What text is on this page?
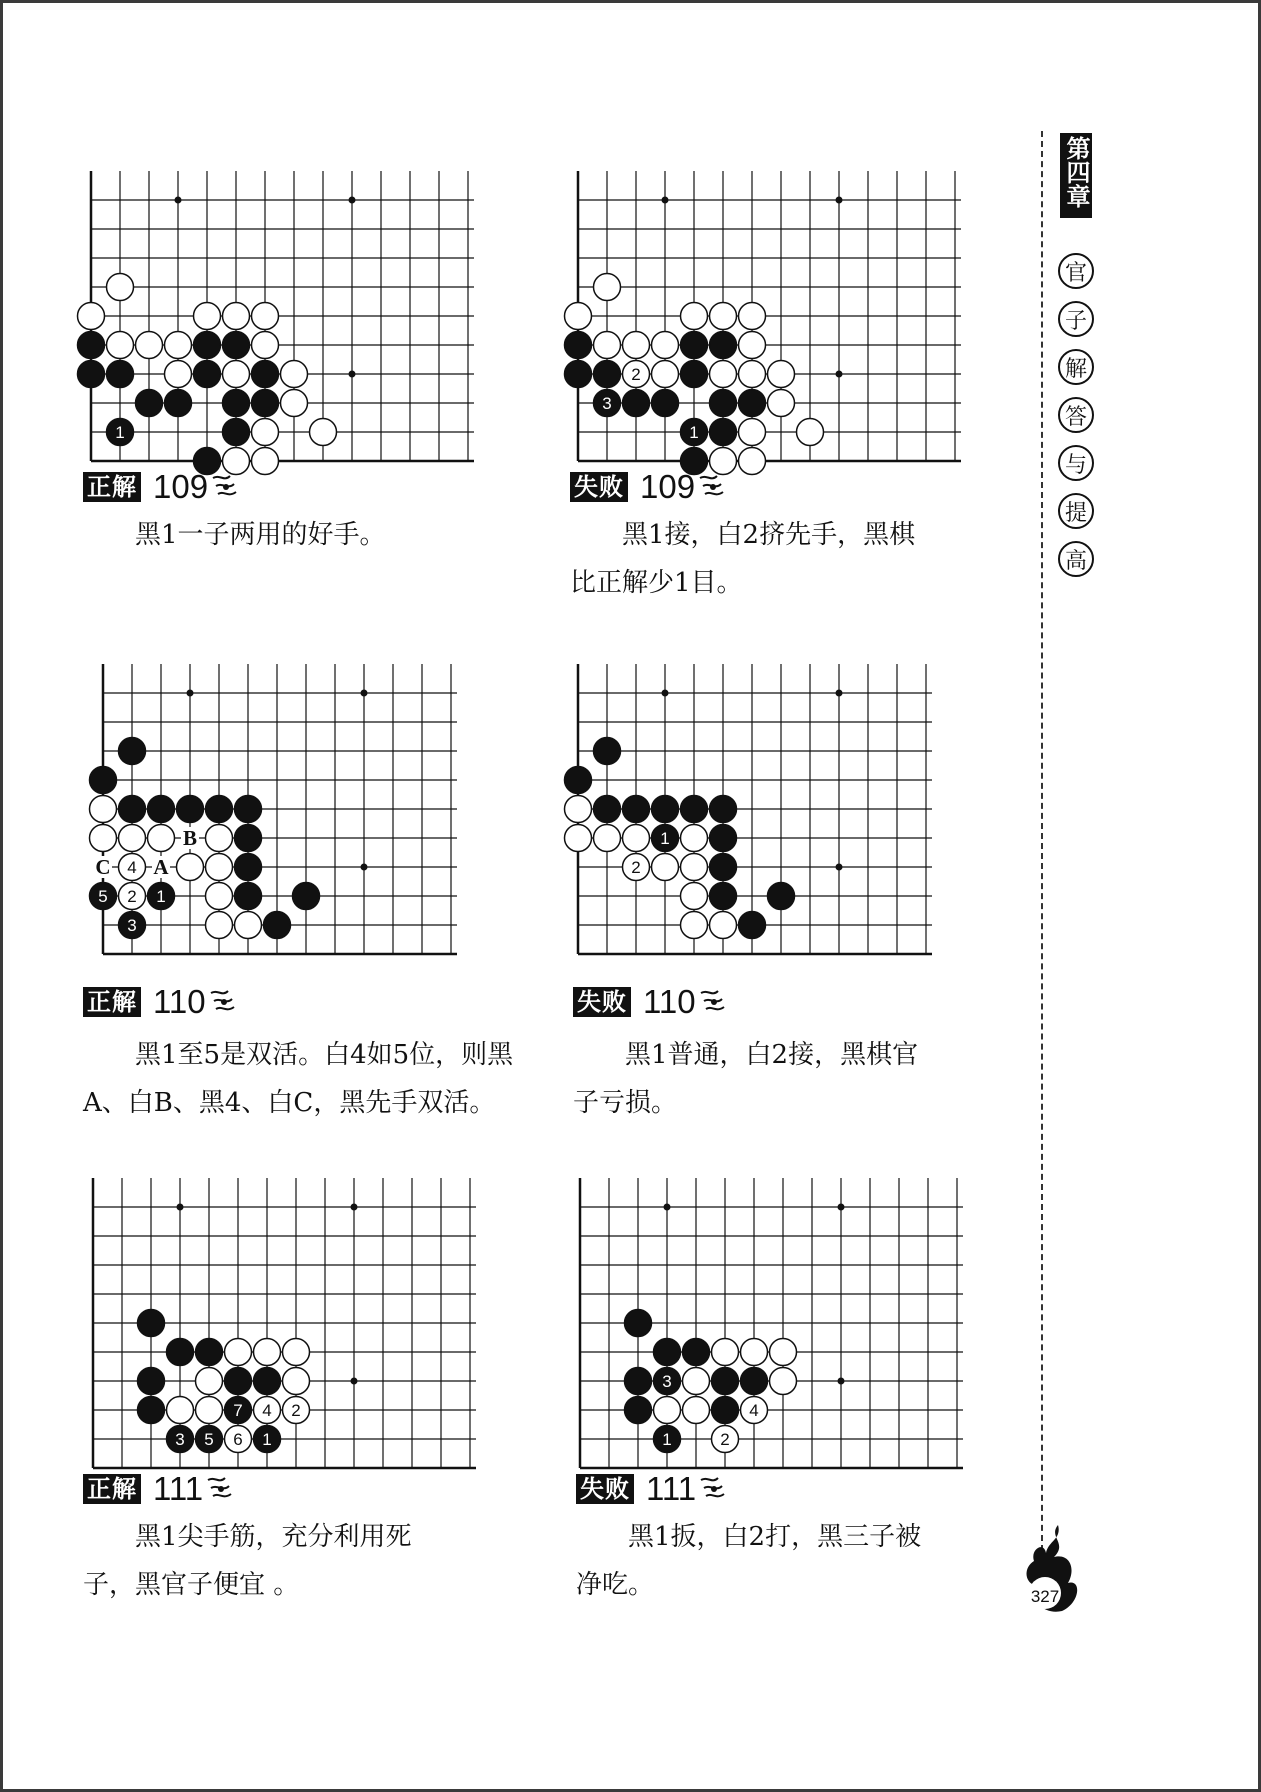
1
2
3
1
4
5 2 1
3
B
C A
1
2
7 4 2
3 5 6 1
3
4
1	2
正解 109	失败 109
正解 110	失败 110
正解 111	失败 111
黑1一子两用的好手。	黑1接，白2挤先手，黑棋
比正解少1目。
黑1至5是双活。白4如5位，则黑
A、白B、黑4、白C，黑先手双活。
黑1普通，白2接，黑棋官
子亏损。
黑1尖手筋，充分利用死
子，黑官子便宜 。
黑1扳，白2打，黑三子被
净吃。
第四章
官
子
解
答
与
提
高
327
